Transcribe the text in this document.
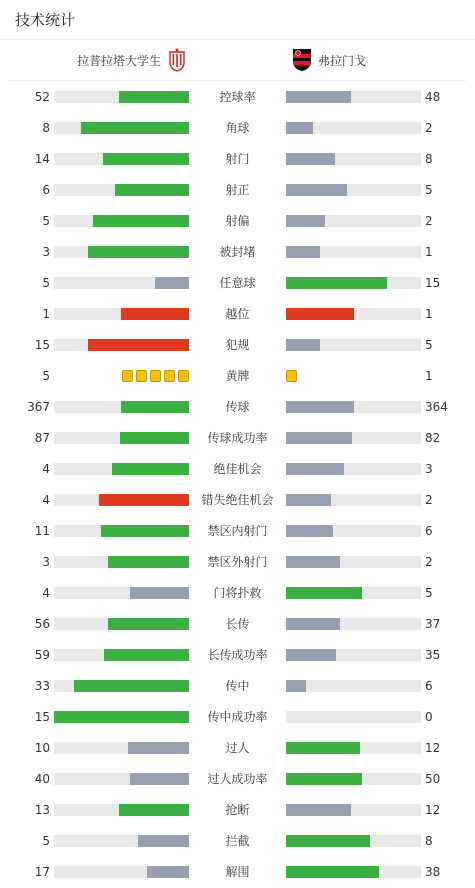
技术统计
拉普拉塔大学生	弗拉门戈
52	控球率	48
8	角球	2
14	射门	8
6	射正	5
5	射偏	2
3	被封堵	1
5	任意球	15
1	越位	1
15	犯规	5
5	黄牌	1
367	传球	364
87	传球成功率	82
4	绝佳机会	3
4	错失绝佳机会	2
11	禁区内射门	6
3	禁区外射门	2
4	门将扑救	5
56	长传	37
59	长传成功率	35
33	传中	6
15	传中成功率	0
10	过人	12
40	过人成功率	50
13	抢断	12
5	拦截	8
17	解围	38
